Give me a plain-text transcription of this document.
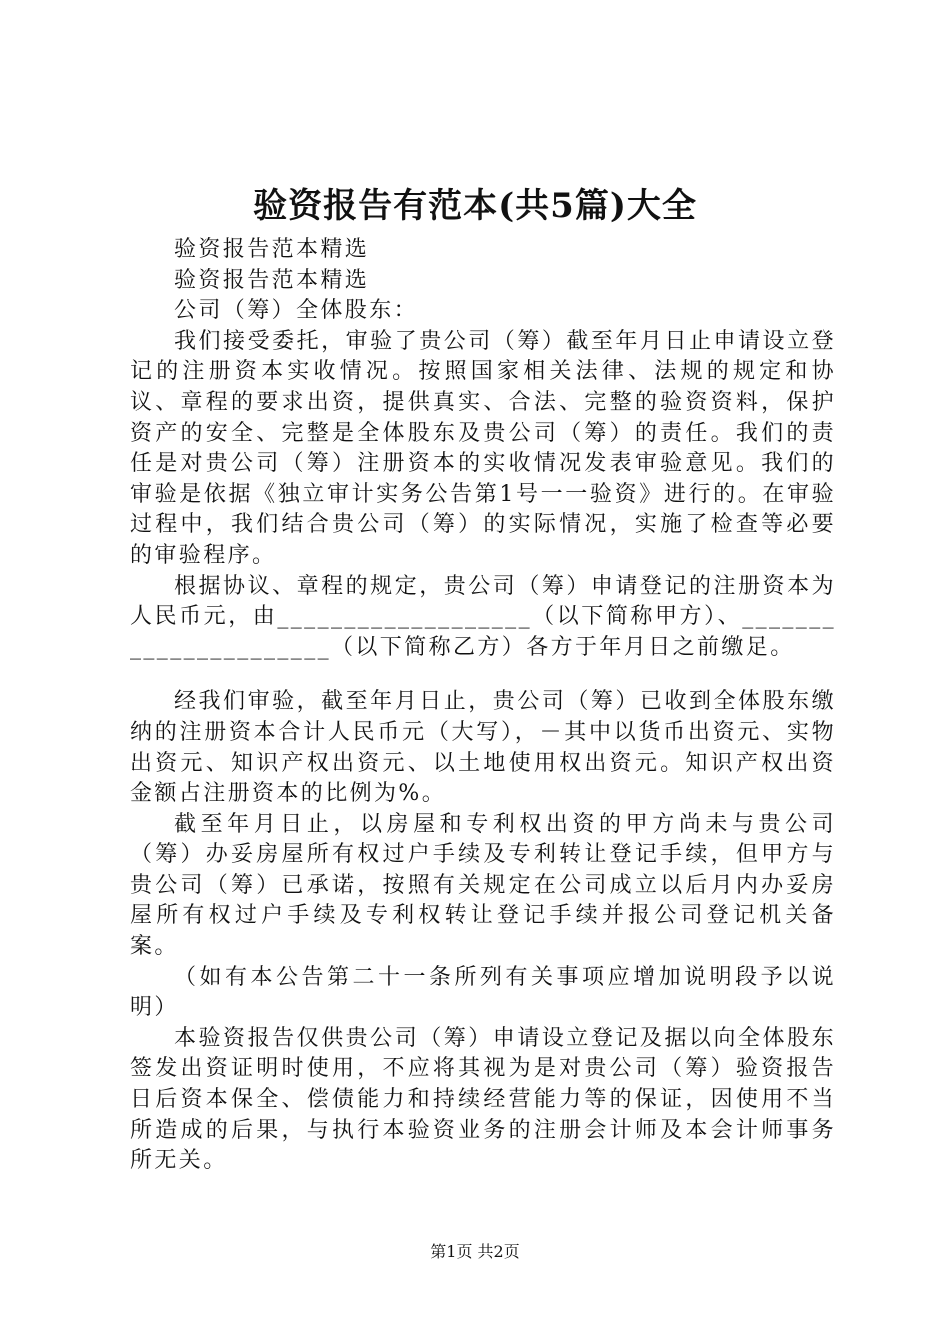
验资报告有范本(共5篇)大全

验资报告范本精选

验资报告范本精选

公司（筹）全体股东：

我们接受委托，审验了贵公司（筹）截至年月日止申请设立登记的注册资本实收情况。按照国家相关法律、法规的规定和协议、章程的要求出资，提供真实、合法、完整的验资资料，保护资产的安全、完整是全体股东及贵公司（筹）的责任。我们的责任是对贵公司（筹）注册资本的实收情况发表审验意见。我们的审验是依据《独立审计实务公告第1号一一验资》进行的。在审验过程中，我们结合贵公司（筹）的实际情况，实施了检查等必要的审验程序。

根据协议、章程的规定，贵公司（筹）申请登记的注册资本为人民币元，由___________________（以下简称甲方）、______________________（以下简称乙方）各方于年月日之前缴足。

经我们审验，截至年月日止，贵公司（筹）已收到全体股东缴纳的注册资本合计人民币元（大写），－其中以货币出资元、实物出资元、知识产权出资元、以土地使用权出资元。知识产权出资金额占注册资本的比例为%。

截至年月日止，以房屋和专利权出资的甲方尚未与贵公司（筹）办妥房屋所有权过户手续及专利转让登记手续，但甲方与贵公司（筹）已承诺，按照有关规定在公司成立以后月内办妥房屋所有权过户手续及专利权转让登记手续并报公司登记机关备案。

（如有本公告第二十一条所列有关事项应增加说明段予以说明）

本验资报告仅供贵公司（筹）申请设立登记及据以向全体股东签发出资证明时使用，不应将其视为是对贵公司（筹）验资报告日后资本保全、偿债能力和持续经营能力等的保证，因使用不当所造成的后果，与执行本验资业务的注册会计师及本会计师事务所无关。

第1页 共2页
